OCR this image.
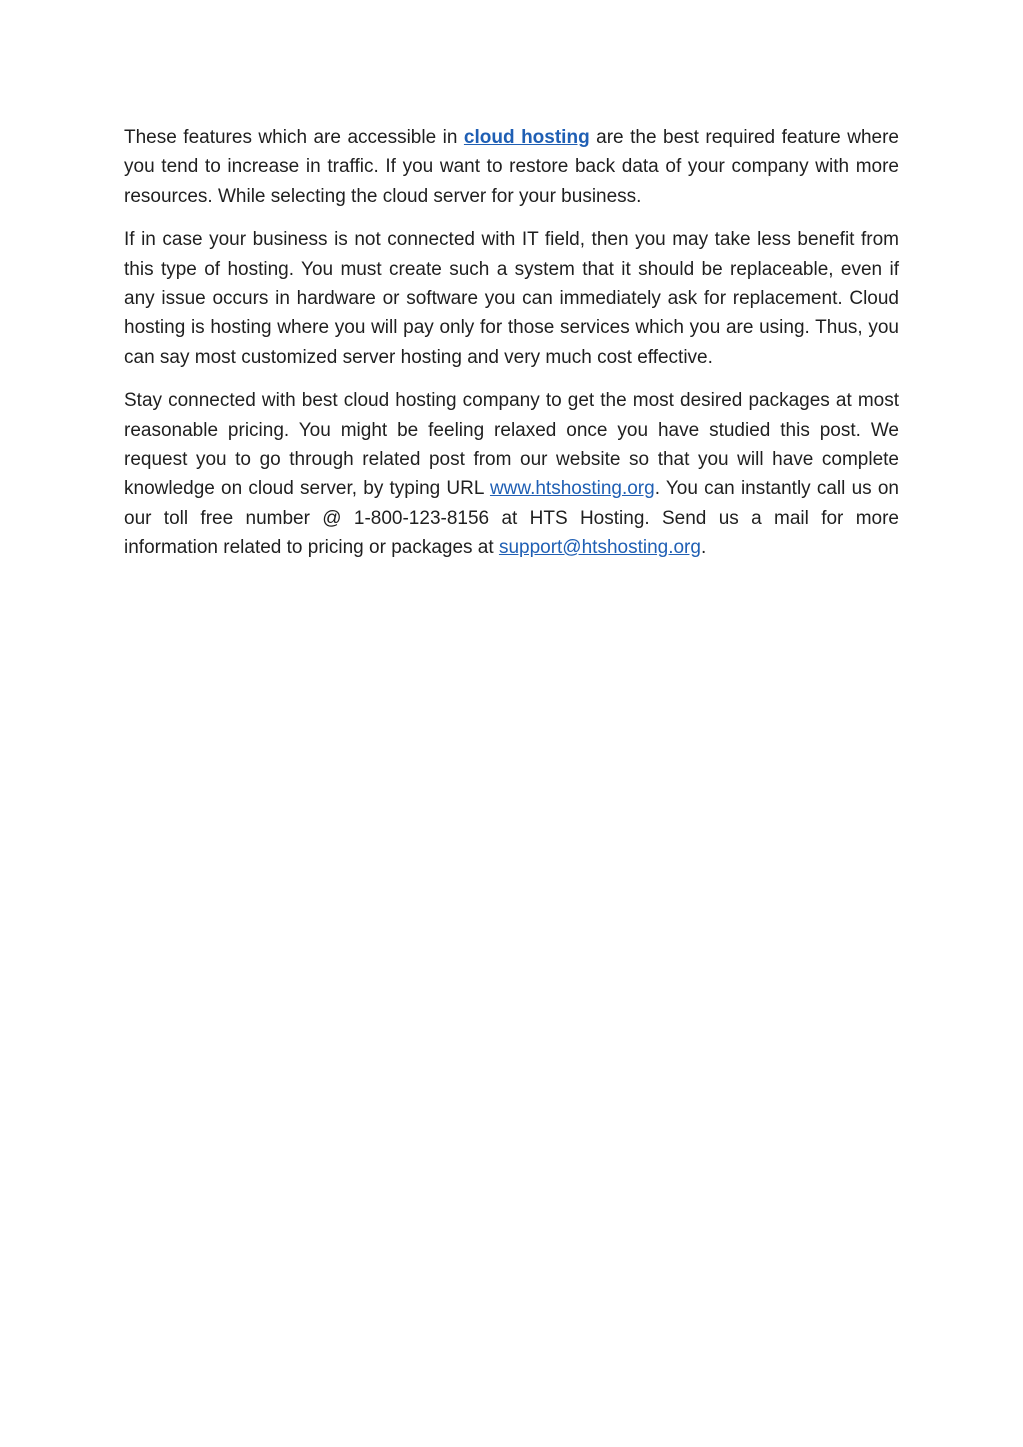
These features which are accessible in cloud hosting are the best required feature where you tend to increase in traffic. If you want to restore back data of your company with more resources. While selecting the cloud server for your business.

If in case your business is not connected with IT field, then you may take less benefit from this type of hosting. You must create such a system that it should be replaceable, even if any issue occurs in hardware or software you can immediately ask for replacement. Cloud hosting is hosting where you will pay only for those services which you are using. Thus, you can say most customized server hosting and very much cost effective.

Stay connected with best cloud hosting company to get the most desired packages at most reasonable pricing. You might be feeling relaxed once you have studied this post. We request you to go through related post from our website so that you will have complete knowledge on cloud server, by typing URL www.htshosting.org. You can instantly call us on our toll free number @ 1-800-123-8156 at HTS Hosting. Send us a mail for more information related to pricing or packages at support@htshosting.org.
